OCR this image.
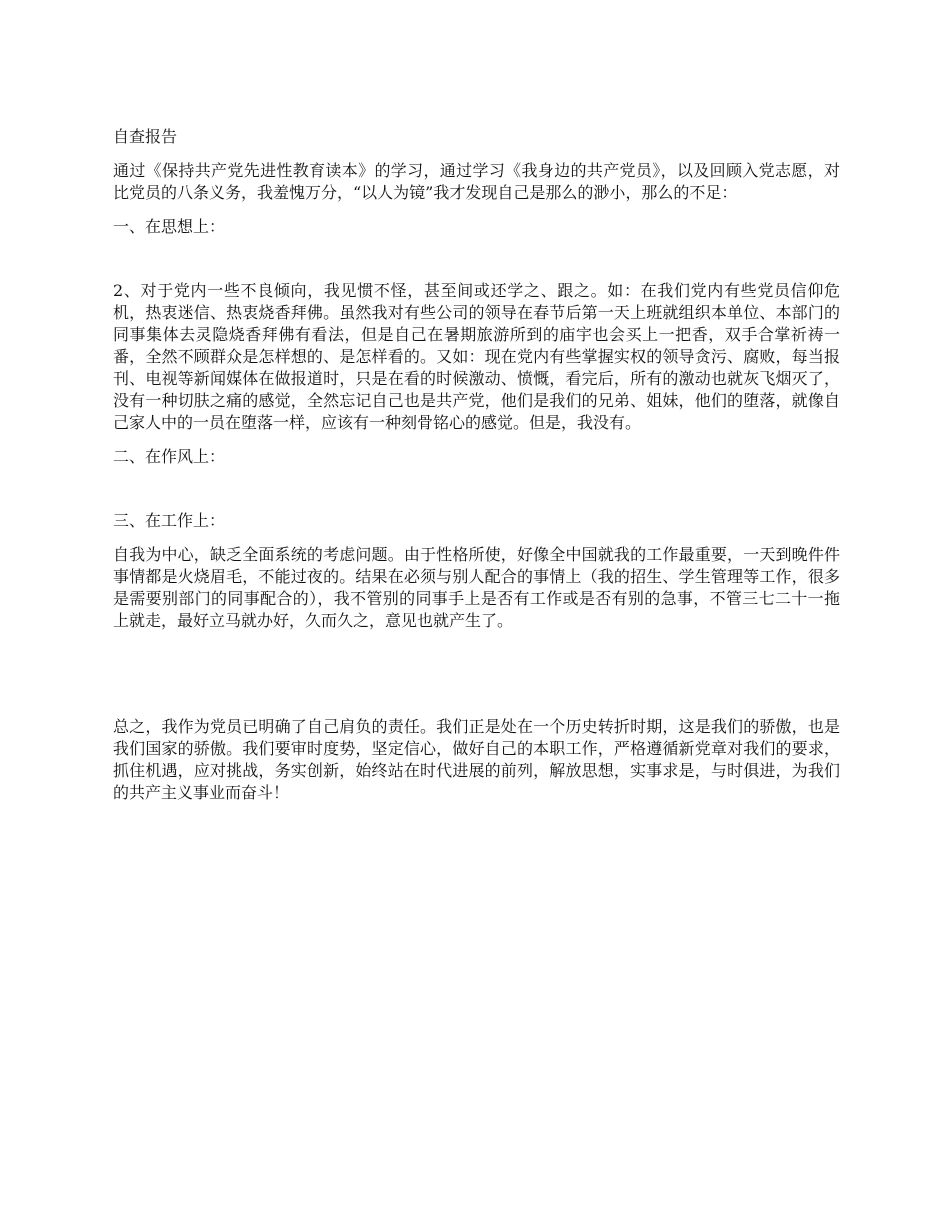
自查报告

通过《保持共产党先进性教育读本》的学习，通过学习《我身边的共产党员》，以及回顾入党志愿，对比党员的八条义务，我羞愧万分，“以人为镜”我才发现自己是那么的渺小，那么的不足：

一、在思想上：

2、对于党内一些不良倾向，我见惯不怪，甚至间或还学之、跟之。如：在我们党内有些党员信仰危机，热衷迷信、热衷烧香拜佛。虽然我对有些公司的领导在春节后第一天上班就组织本单位、本部门的同事集体去灵隐烧香拜佛有看法，但是自己在暑期旅游所到的庙宇也会买上一把香，双手合掌祈祷一番，全然不顾群众是怎样想的、是怎样看的。又如：现在党内有些掌握实权的领导贪污、腐败，每当报刊、电视等新闻媒体在做报道时，只是在看的时候激动、愤慨，看完后，所有的激动也就灰飞烟灭了，没有一种切肤之痛的感觉，全然忘记自己也是共产党，他们是我们的兄弟、姐妹，他们的堕落，就像自己家人中的一员在堕落一样，应该有一种刻骨铭心的感觉。但是，我没有。

二、在作风上：

三、在工作上：

自我为中心，缺乏全面系统的考虑问题。由于性格所使，好像全中国就我的工作最重要，一天到晚件件事情都是火烧眉毛，不能过夜的。结果在必须与别人配合的事情上（我的招生、学生管理等工作，很多是需要别部门的同事配合的），我不管别的同事手上是否有工作或是否有别的急事，不管三七二十一拖上就走，最好立马就办好，久而久之，意见也就产生了。

总之，我作为党员已明确了自己肩负的责任。我们正是处在一个历史转折时期，这是我们的骄傲，也是我们国家的骄傲。我们要审时度势，坚定信心，做好自己的本职工作，严格遵循新党章对我们的要求，抓住机遇，应对挑战，务实创新，始终站在时代进展的前列，解放思想，实事求是，与时俱进，为我们的共产主义事业而奋斗！
